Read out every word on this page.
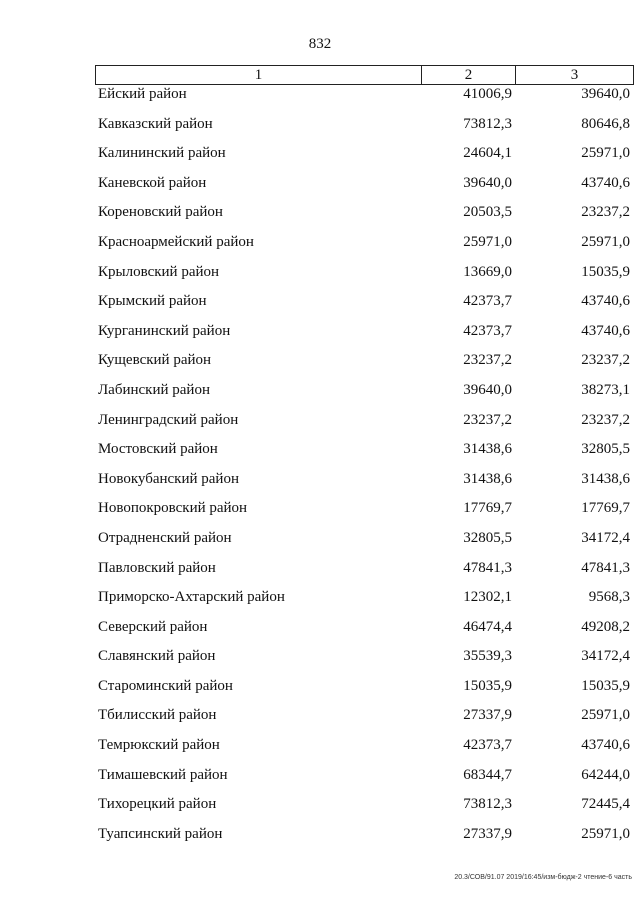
832
1	2	3
Ейский район	41006,9	39640,0
Кавказский район	73812,3	80646,8
Калининский район	24604,1	25971,0
Каневской район	39640,0	43740,6
Кореновский район	20503,5	23237,2
Красноармейский район	25971,0	25971,0
Крыловский район	13669,0	15035,9
Крымский район	42373,7	43740,6
Курганинский район	42373,7	43740,6
Кущевский район	23237,2	23237,2
Лабинский район	39640,0	38273,1
Ленинградский район	23237,2	23237,2
Мостовский район	31438,6	32805,5
Новокубанский район	31438,6	31438,6
Новопокровский район	17769,7	17769,7
Отрадненский район	32805,5	34172,4
Павловский район	47841,3	47841,3
Приморско-Ахтарский район	12302,1	9568,3
Северский район	46474,4	49208,2
Славянский район	35539,3	34172,4
Староминский район	15035,9	15035,9
Тбилисский район	27337,9	25971,0
Темрюкский район	42373,7	43740,6
Тимашевский район	68344,7	64244,0
Тихорецкий район	73812,3	72445,4
Туапсинский район	27337,9	25971,0
20.3/СОВ/91.07 2019/16:45/изм-бюдж-2 чтение-6 часть
